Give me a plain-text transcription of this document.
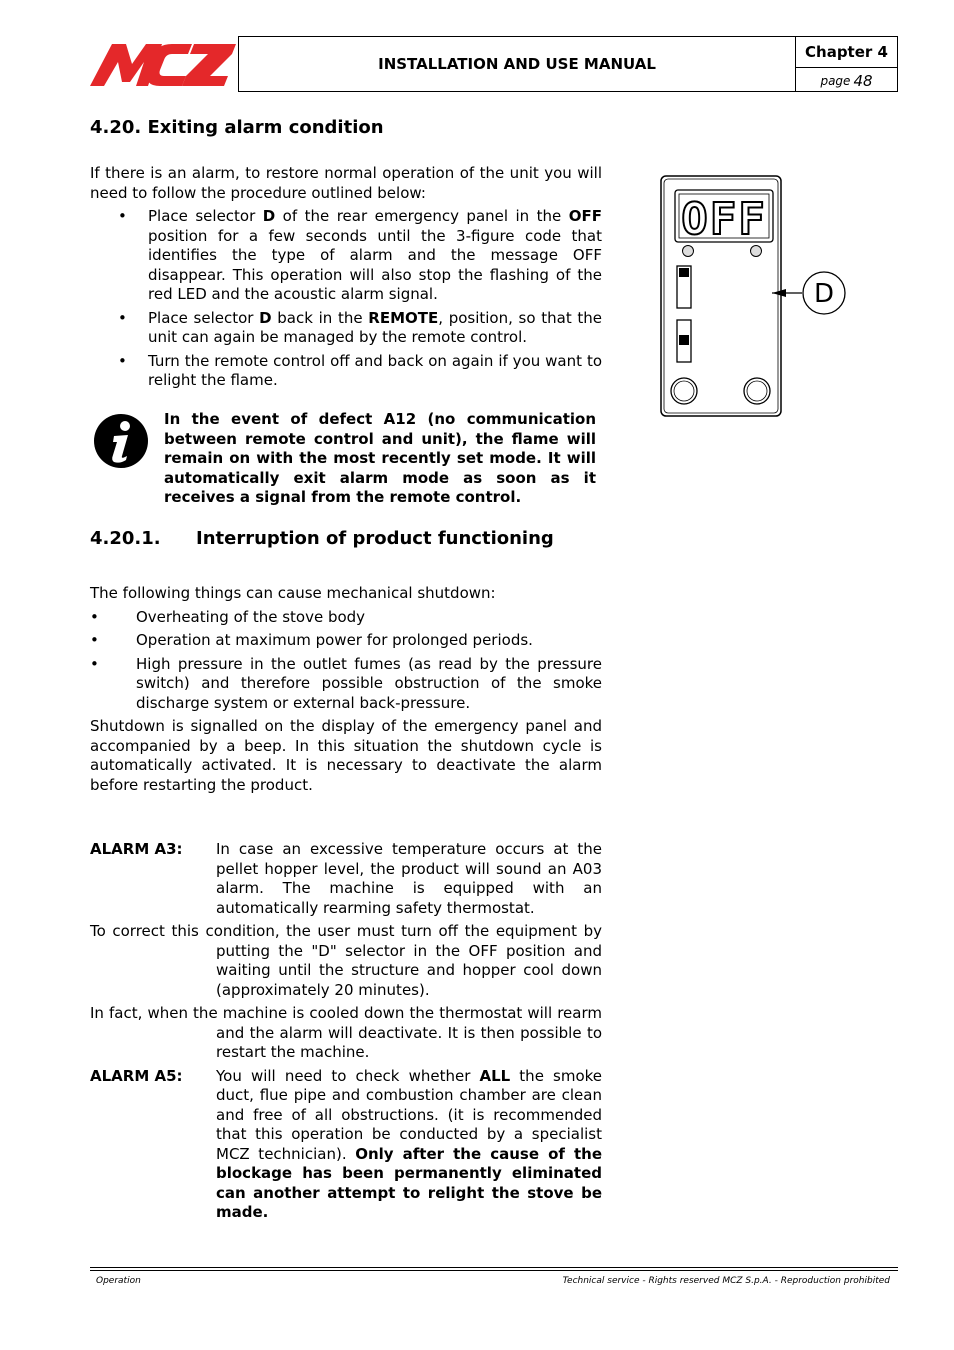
MCZ
INSTALLATION AND USE MANUAL
Chapter 4
page 48
4.20. Exiting alarm condition

If there is an alarm, to restore normal operation of the unit you will need to follow the procedure outlined below:

• Place selector D of the rear emergency panel in the OFF position for a few seconds until the 3-figure code that identifies the type of alarm and the message OFF disappear. This operation will also stop the flashing of the red LED and the acoustic alarm signal.
• Place selector D back in the REMOTE, position, so that the unit can again be managed by the remote control.
• Turn the remote control off and back on again if you want to relight the flame.
In the event of defect A12 (no communication between remote control and unit), the flame will remain on with the most recently set mode. It will automatically exit alarm mode as soon as it receives a signal from the remote control.
4.20.1. Interruption of product functioning

The following things can cause mechanical shutdown:

• Overheating of the stove body
• Operation at maximum power for prolonged periods.
• High pressure in the outlet fumes (as read by the pressure switch) and therefore possible obstruction of the smoke discharge system or external back-pressure.

Shutdown is signalled on the display of the emergency panel and accompanied by a beep. In this situation the shutdown cycle is automatically activated. It is necessary to deactivate the alarm before restarting the product.

ALARM A3: In case an excessive temperature occurs at the pellet hopper level, the product will sound an A03 alarm. The machine is equipped with an automatically rearming safety thermostat.

To correct this condition, the user must turn off the equipment by putting the "D" selector in the OFF position and waiting until the structure and hopper cool down (approximately 20 minutes).

In fact, when the machine is cooled down the thermostat will rearm and the alarm will deactivate. It is then possible to restart the machine.

ALARM A5: You will need to check whether ALL the smoke duct, flue pipe and combustion chamber are clean and free of all obstructions. (it is recommended that this operation be conducted by a specialist MCZ technician). Only after the cause of the blockage has been permanently eliminated can another attempt to relight the stove be made.
OFF
D
Operation	Technical service - Rights reserved MCZ S.p.A. - Reproduction prohibited
